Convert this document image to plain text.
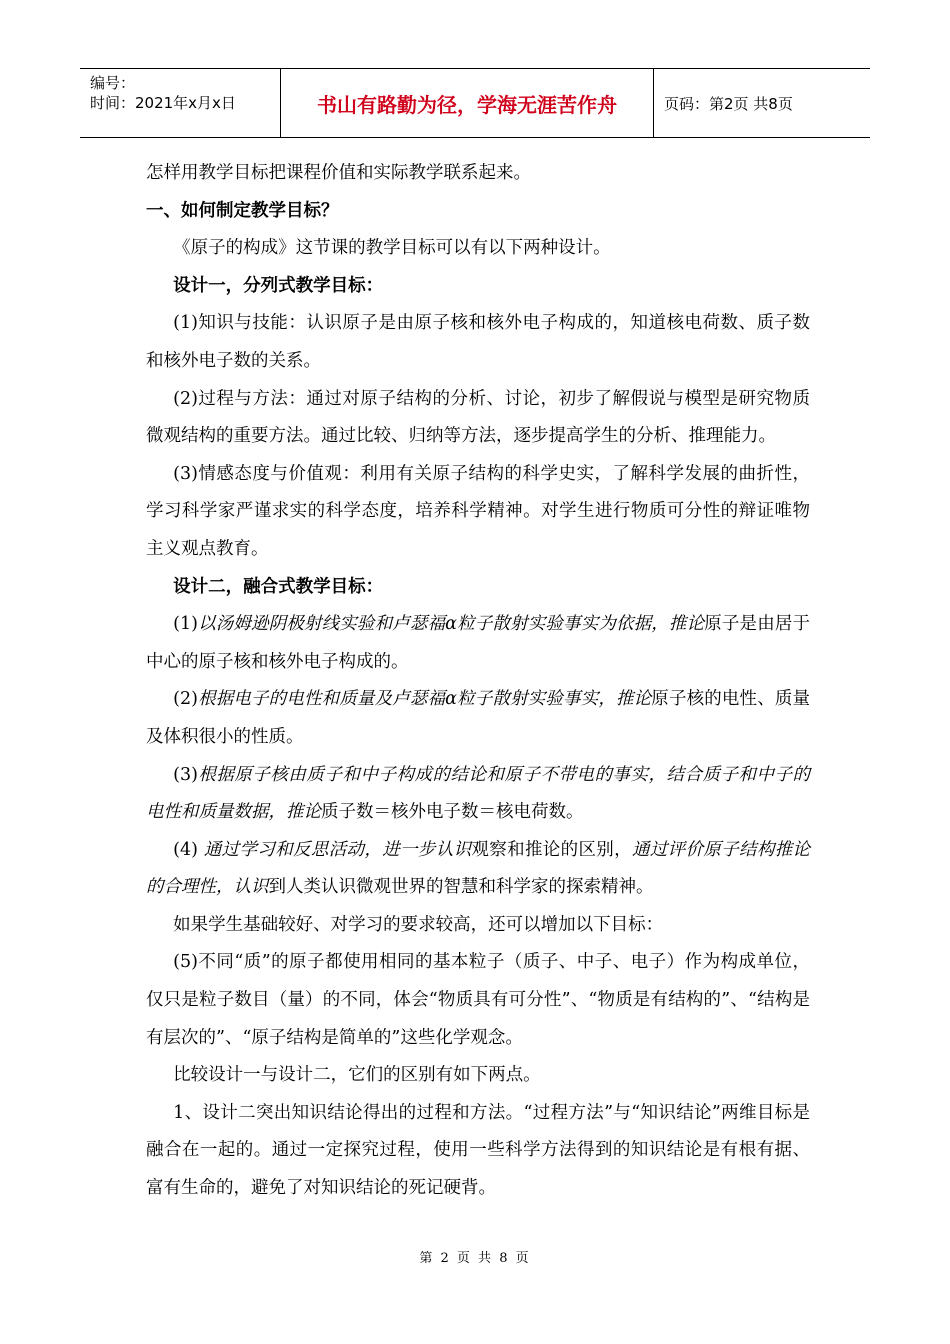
编号：
时间：2021年x月x日	书山有路勤为径，学海无涯苦作舟	页码：第2页 共8页

怎样用教学目标把课程价值和实际教学联系起来。

一、如何制定教学目标？

《原子的构成》这节课的教学目标可以有以下两种设计。

设计一，分列式教学目标：

(1)知识与技能：认识原子是由原子核和核外电子构成的，知道核电荷数、质子数和核外电子数的关系。

(2)过程与方法：通过对原子结构的分析、讨论，初步了解假说与模型是研究物质微观结构的重要方法。通过比较、归纳等方法，逐步提高学生的分析、推理能力。

(3)情感态度与价值观：利用有关原子结构的科学史实，了解科学发展的曲折性，学习科学家严谨求实的科学态度，培养科学精神。对学生进行物质可分性的辩证唯物主义观点教育。

设计二，融合式教学目标：

(1)以汤姆逊阴极射线实验和卢瑟福α粒子散射实验事实为依据，推论原子是由居于中心的原子核和核外电子构成的。

(2)根据电子的电性和质量及卢瑟福α粒子散射实验事实，推论原子核的电性、质量及体积很小的性质。

(3)根据原子核由质子和中子构成的结论和原子不带电的事实，结合质子和中子的电性和质量数据，推论质子数＝核外电子数＝核电荷数。

(4) 通过学习和反思活动，进一步认识观察和推论的区别，通过评价原子结构推论的合理性，认识到人类认识微观世界的智慧和科学家的探索精神。

如果学生基础较好、对学习的要求较高，还可以增加以下目标：

(5)不同“质”的原子都使用相同的基本粒子（质子、中子、电子）作为构成单位，仅只是粒子数目（量）的不同，体会“物质具有可分性”、“物质是有结构的”、“结构是有层次的”、“原子结构是简单的”这些化学观念。

比较设计一与设计二，它们的区别有如下两点。

1、设计二突出知识结论得出的过程和方法。“过程方法”与“知识结论”两维目标是融合在一起的。通过一定探究过程，使用一些科学方法得到的知识结论是有根有据、富有生命的，避免了对知识结论的死记硬背。

第 2 页 共 8 页
